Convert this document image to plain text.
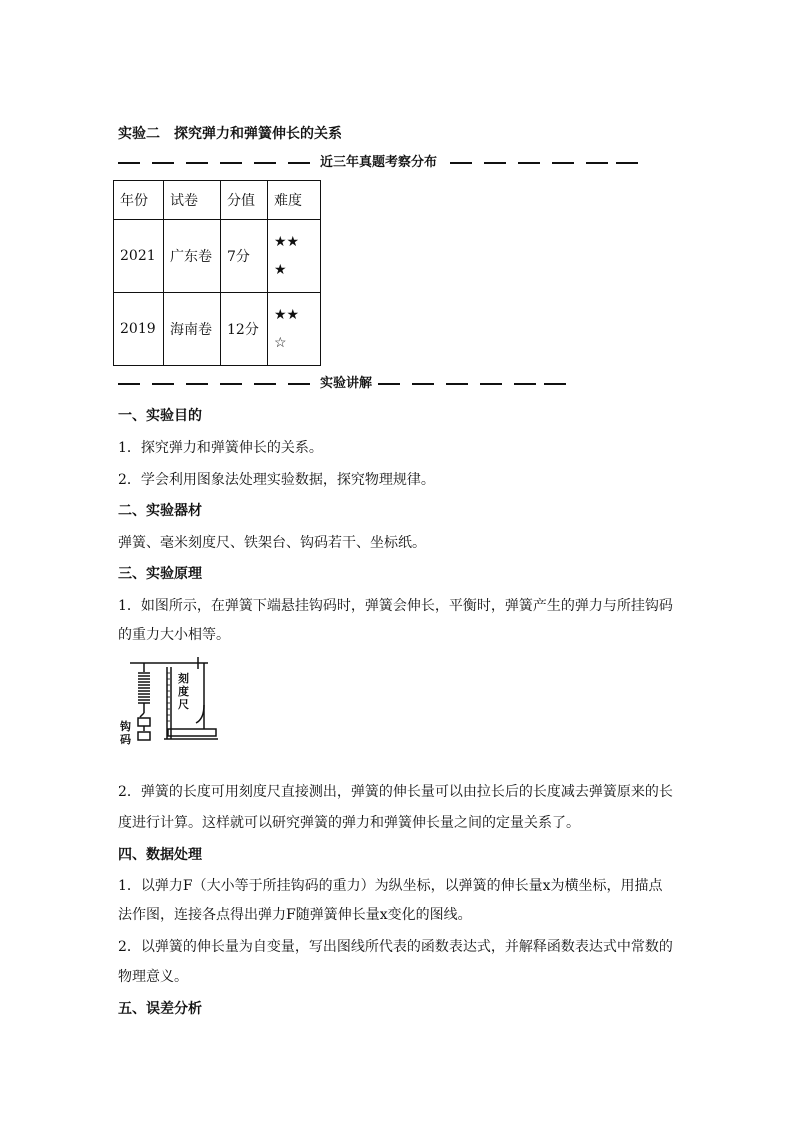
实验二　探究弹力和弹簧伸长的关系
近三年真题考察分布
年份	试卷	分值	难度
2021	广东卷	7分	★★
★

2019	海南卷	12分	★★
☆
实验讲解
一、实验目的
1．探究弹力和弹簧伸长的关系。
2．学会利用图象法处理实验数据，探究物理规律。
二、实验器材
弹簧、毫米刻度尺、铁架台、钩码若干、坐标纸。
三、实验原理
1．如图所示，在弹簧下端悬挂钩码时，弹簧会伸长，平衡时，弹簧产生的弹力与所挂钩码
的重力大小相等。
刻度尺
钩
码
2．弹簧的长度可用刻度尺直接测出，弹簧的伸长量可以由拉长后的长度减去弹簧原来的长
度进行计算。这样就可以研究弹簧的弹力和弹簧伸长量之间的定量关系了。
四、数据处理
1．以弹力F（大小等于所挂钩码的重力）为纵坐标，以弹簧的伸长量x为横坐标，用描点
法作图，连接各点得出弹力F随弹簧伸长量x变化的图线。
2．以弹簧的伸长量为自变量，写出图线所代表的函数表达式，并解释函数表达式中常数的
物理意义。
五、误差分析
